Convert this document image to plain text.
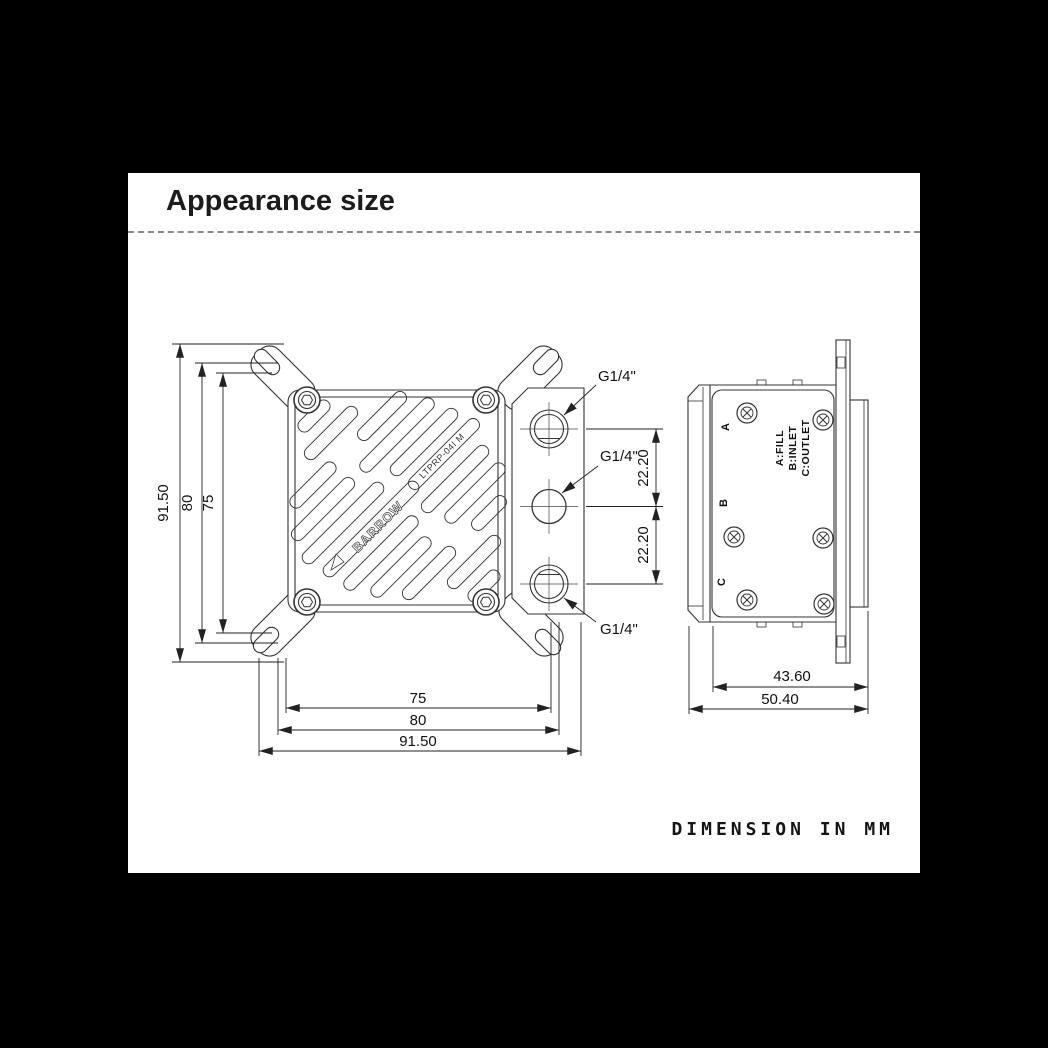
Appearance size
BARROW
LTPRP-04I M
91.50 80 75
75
80
91.50
22.20
22.20
G1/4"
G1/4"
G1/4"
A
B
C
A:FILL B:INLET C:OUTLET
43.60
50.40
DIMENSION IN MM
